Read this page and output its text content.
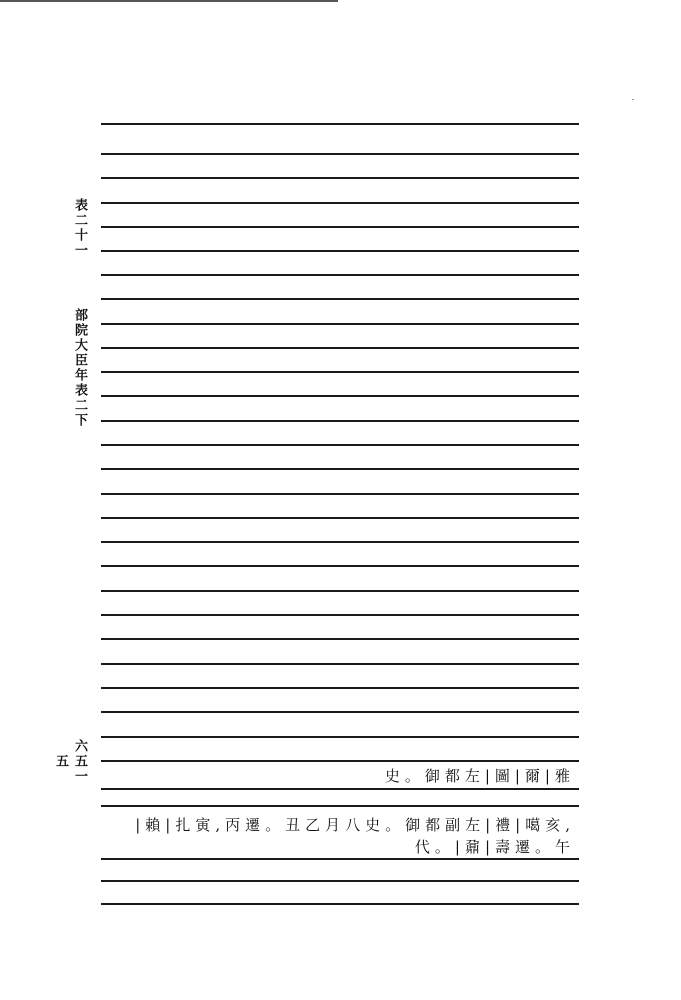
表二十一
部院大臣年表二下
六五一五
史。御都左|圖|爾|雅
|賴|扎寅,丙遷。丑乙月八史。御都副左|禮|噶亥,
代。|鼐|壽遷。午
